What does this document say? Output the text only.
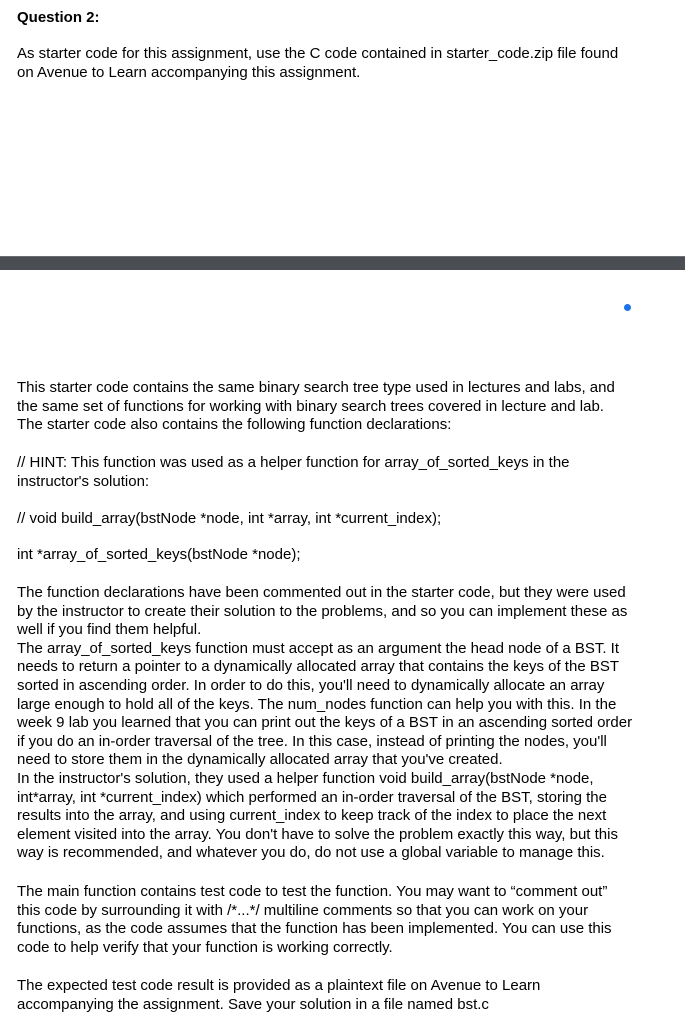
Question 2:
As starter code for this assignment, use the C code contained in starter_code.zip file found
on Avenue to Learn accompanying this assignment.
This starter code contains the same binary search tree type used in lectures and labs, and
the same set of functions for working with binary search trees covered in lecture and lab.
The starter code also contains the following function declarations:
// HINT: This function was used as a helper function for array_of_sorted_keys in the
instructor's solution:
// void build_array(bstNode *node, int *array, int *current_index);
int *array_of_sorted_keys(bstNode *node);
The function declarations have been commented out in the starter code, but they were used
by the instructor to create their solution to the problems, and so you can implement these as
well if you find them helpful.
The array_of_sorted_keys function must accept as an argument the head node of a BST. It
needs to return a pointer to a dynamically allocated array that contains the keys of the BST
sorted in ascending order. In order to do this, you'll need to dynamically allocate an array
large enough to hold all of the keys. The num_nodes function can help you with this. In the
week 9 lab you learned that you can print out the keys of a BST in an ascending sorted order
if you do an in-order traversal of the tree. In this case, instead of printing the nodes, you'll
need to store them in the dynamically allocated array that you've created.
In the instructor's solution, they used a helper function void build_array(bstNode *node,
int*array, int *current_index) which performed an in-order traversal of the BST, storing the
results into the array, and using current_index to keep track of the index to place the next
element visited into the array. You don't have to solve the problem exactly this way, but this
way is recommended, and whatever you do, do not use a global variable to manage this.
The main function contains test code to test the function. You may want to “comment out”
this code by surrounding it with /*...*/ multiline comments so that you can work on your
functions, as the code assumes that the function has been implemented. You can use this
code to help verify that your function is working correctly.
The expected test code result is provided as a plaintext file on Avenue to Learn
accompanying the assignment. Save your solution in a file named bst.c
